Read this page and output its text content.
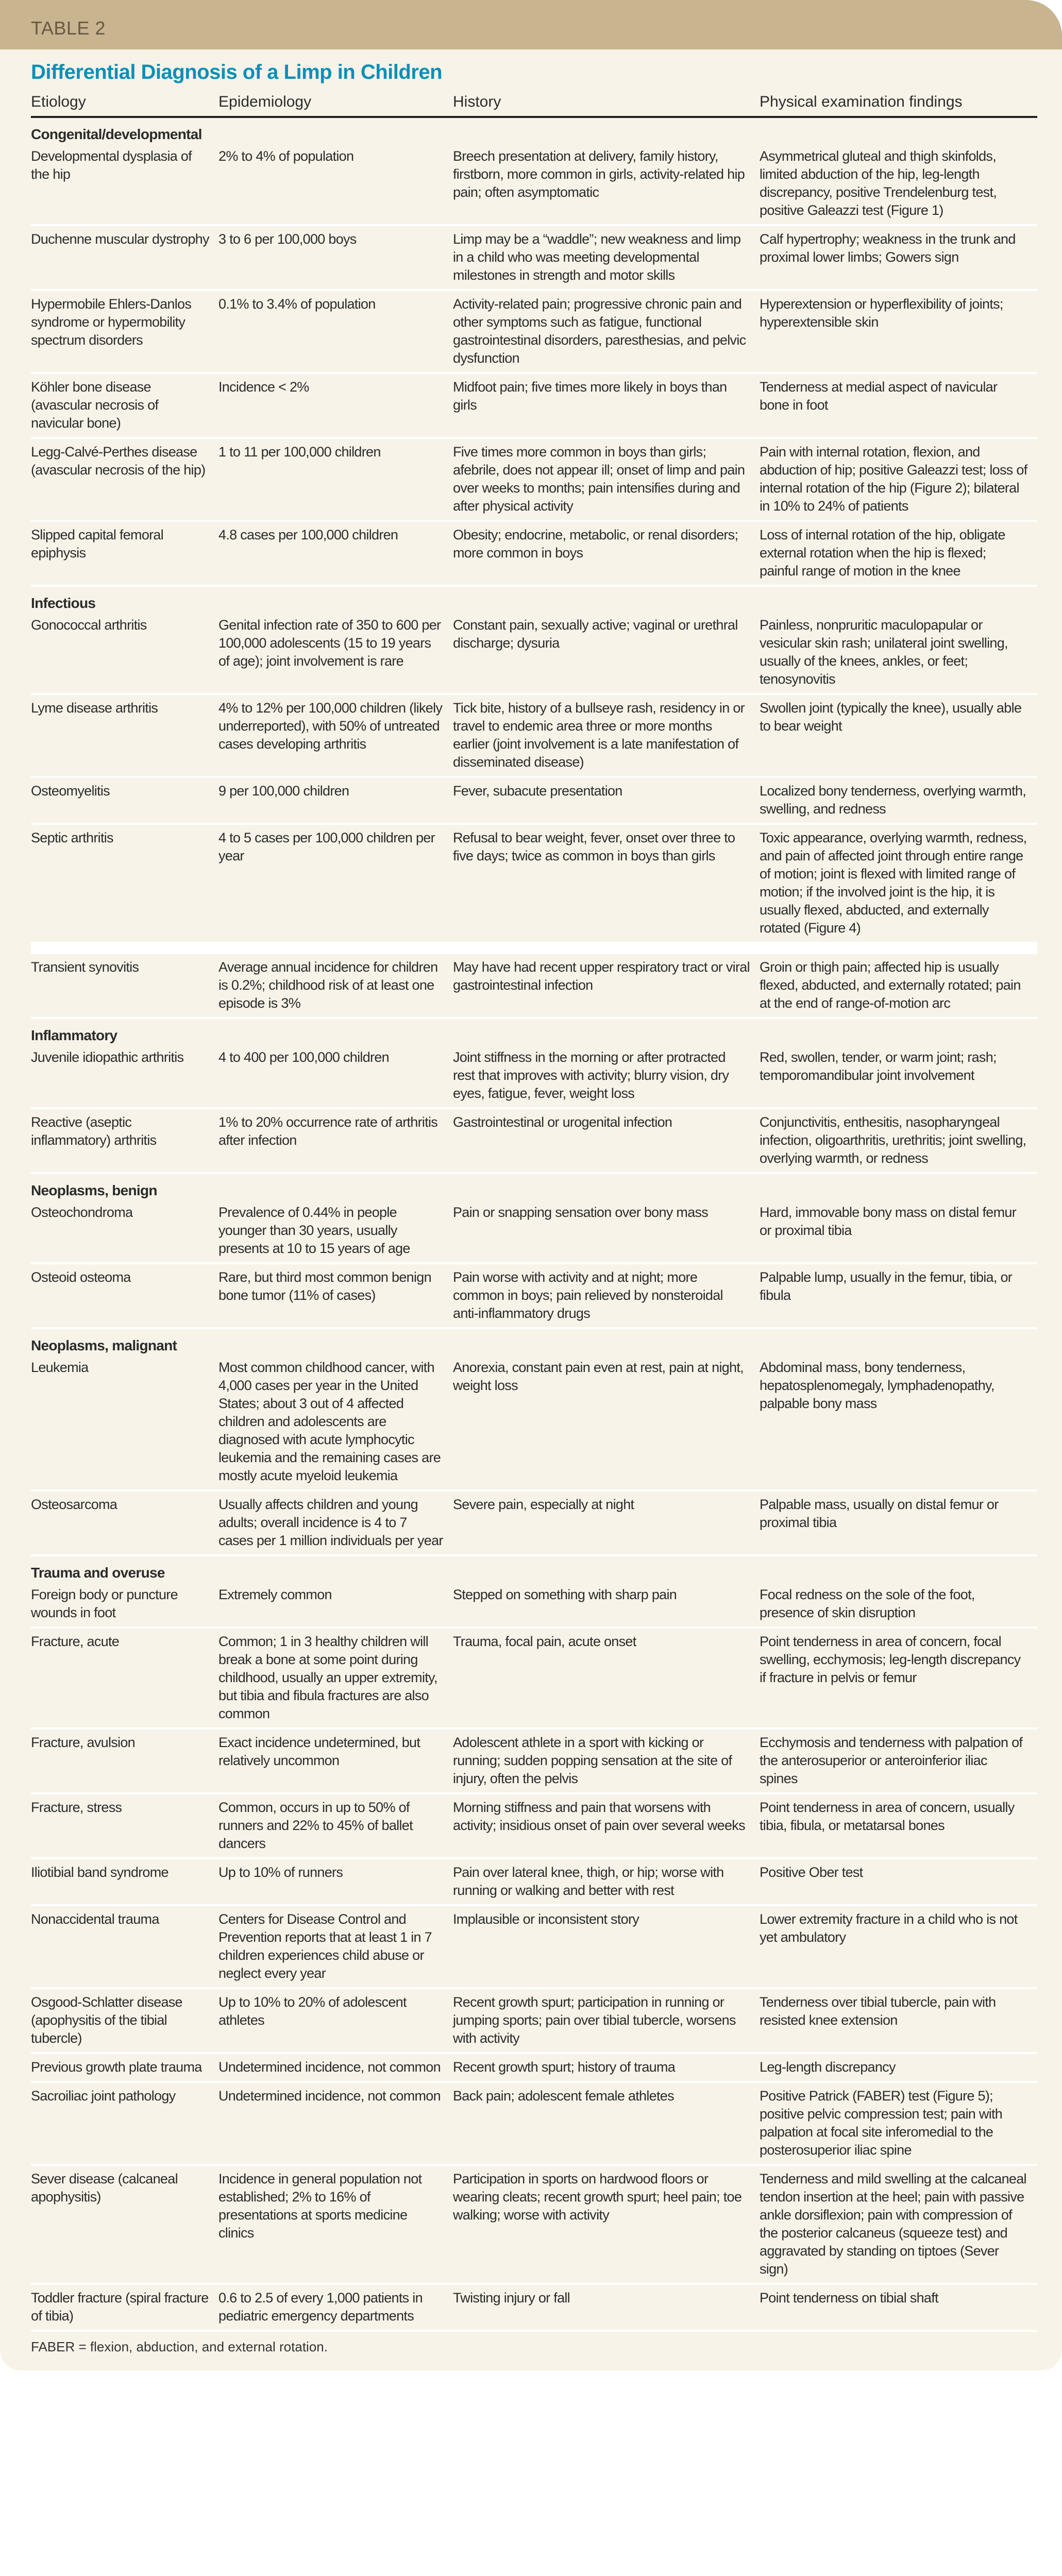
TABLE 2
Differential Diagnosis of a Limp in Children
Etiology	Epidemiology	History	Physical examination findings
Congenital/developmental			
Developmental dysplasia of the hip	2% to 4% of population	Breech presentation at delivery, family history, firstborn, more common in girls, activity-related hip pain; often asymptomatic	Asymmetrical gluteal and thigh skinfolds, limited abduction of the hip, leg-length discrepancy, positive Trendelenburg test, positive Galeazzi test (Figure 1)
Duchenne muscular dystrophy	3 to 6 per 100,000 boys	Limp may be a “waddle”; new weakness and limp in a child who was meeting developmental milestones in strength and motor skills	Calf hypertrophy; weakness in the trunk and proximal lower limbs; Gowers sign
Hypermobile Ehlers-Danlos syndrome or hypermobility spectrum disorders	0.1% to 3.4% of population	Activity-related pain; progressive chronic pain and other symptoms such as fatigue, functional gastrointestinal disorders, paresthesias, and pelvic dysfunction	Hyperextension or hyperflexibility of joints; hyperextensible skin
Köhler bone disease (avascular necrosis of navicular bone)	Incidence < 2%	Midfoot pain; five times more likely in boys than girls	Tenderness at medial aspect of navicular bone in foot
Legg-Calvé-Perthes disease (avascular necrosis of the hip)	1 to 11 per 100,000 children	Five times more common in boys than girls; afebrile, does not appear ill; onset of limp and pain over weeks to months; pain intensifies during and after physical activity	Pain with internal rotation, flexion, and abduction of hip; positive Galeazzi test; loss of internal rotation of the hip (Figure 2); bilateral in 10% to 24% of patients
Slipped capital femoral epiphysis	4.8 cases per 100,000 children	Obesity; endocrine, metabolic, or renal disorders; more common in boys	Loss of internal rotation of the hip, obligate external rotation when the hip is flexed; painful range of motion in the knee
Infectious			
Gonococcal arthritis	Genital infection rate of 350 to 600 per 100,000 adolescents (15 to 19 years of age); joint involvement is rare	Constant pain, sexually active; vaginal or urethral discharge; dysuria	Painless, nonpruritic maculopapular or vesicular skin rash; unilateral joint swelling, usually of the knees, ankles, or feet; tenosynovitis
Lyme disease arthritis	4% to 12% per 100,000 children (likely underreported), with 50% of untreated cases developing arthritis	Tick bite, history of a bullseye rash, residency in or travel to endemic area three or more months earlier (joint involvement is a late manifestation of disseminated disease)	Swollen joint (typically the knee), usually able to bear weight
Osteomyelitis	9 per 100,000 children	Fever, subacute presentation	Localized bony tenderness, overlying warmth, swelling, and redness
Septic arthritis	4 to 5 cases per 100,000 children per year	Refusal to bear weight, fever, onset over three to five days; twice as common in boys than girls	Toxic appearance, overlying warmth, redness, and pain of affected joint through entire range of motion; joint is flexed with limited range of motion; if the involved joint is the hip, it is usually flexed, abducted, and externally rotated (Figure 4)

Transient synovitis	Average annual incidence for children is 0.2%; childhood risk of at least one episode is 3%	May have had recent upper respiratory tract or viral gastrointestinal infection	Groin or thigh pain; affected hip is usually flexed, abducted, and externally rotated; pain at the end of range-of-motion arc
Inflammatory			
Juvenile idiopathic arthritis	4 to 400 per 100,000 children	Joint stiffness in the morning or after protracted rest that improves with activity; blurry vision, dry eyes, fatigue, fever, weight loss	Red, swollen, tender, or warm joint; rash; temporomandibular joint involvement
Reactive (aseptic inflammatory) arthritis	1% to 20% occurrence rate of arthritis after infection	Gastrointestinal or urogenital infection	Conjunctivitis, enthesitis, nasopharyngeal infection, oligoarthritis, urethritis; joint swelling, overlying warmth, or redness
Neoplasms, benign			
Osteochondroma	Prevalence of 0.44% in people younger than 30 years, usually presents at 10 to 15 years of age	Pain or snapping sensation over bony mass	Hard, immovable bony mass on distal femur or proximal tibia
Osteoid osteoma	Rare, but third most common benign bone tumor (11% of cases)	Pain worse with activity and at night; more common in boys; pain relieved by nonsteroidal anti-inflammatory drugs	Palpable lump, usually in the femur, tibia, or fibula
Neoplasms, malignant			
Leukemia	Most common childhood cancer, with 4,000 cases per year in the United States; about 3 out of 4 affected children and adolescents are diagnosed with acute lymphocytic leukemia and the remaining cases are mostly acute myeloid leukemia	Anorexia, constant pain even at rest, pain at night, weight loss	Abdominal mass, bony tenderness, hepatosplenomegaly, lymphadenopathy, palpable bony mass
Osteosarcoma	Usually affects children and young adults; overall incidence is 4 to 7 cases per 1 million individuals per year	Severe pain, especially at night	Palpable mass, usually on distal femur or proximal tibia
Trauma and overuse			
Foreign body or puncture wounds in foot	Extremely common	Stepped on something with sharp pain	Focal redness on the sole of the foot, presence of skin disruption
Fracture, acute	Common; 1 in 3 healthy children will break a bone at some point during childhood, usually an upper extremity, but tibia and fibula fractures are also common	Trauma, focal pain, acute onset	Point tenderness in area of concern, focal swelling, ecchymosis; leg-length discrepancy if fracture in pelvis or femur
Fracture, avulsion	Exact incidence undetermined, but relatively uncommon	Adolescent athlete in a sport with kicking or running; sudden popping sensation at the site of injury, often the pelvis	Ecchymosis and tenderness with palpation of the anterosuperior or anteroinferior iliac spines
Fracture, stress	Common, occurs in up to 50% of runners and 22% to 45% of ballet dancers	Morning stiffness and pain that worsens with activity; insidious onset of pain over several weeks	Point tenderness in area of concern, usually tibia, fibula, or metatarsal bones
Iliotibial band syndrome	Up to 10% of runners	Pain over lateral knee, thigh, or hip; worse with running or walking and better with rest	Positive Ober test
Nonaccidental trauma	Centers for Disease Control and Prevention reports that at least 1 in 7 children experiences child abuse or neglect every year	Implausible or inconsistent story	Lower extremity fracture in a child who is not yet ambulatory
Osgood-Schlatter disease (apophysitis of the tibial tubercle)	Up to 10% to 20% of adolescent athletes	Recent growth spurt; participation in running or jumping sports; pain over tibial tubercle, worsens with activity	Tenderness over tibial tubercle, pain with resisted knee extension
Previous growth plate trauma	Undetermined incidence, not common	Recent growth spurt; history of trauma	Leg-length discrepancy
Sacroiliac joint pathology	Undetermined incidence, not common	Back pain; adolescent female athletes	Positive Patrick (FABER) test (Figure 5); positive pelvic compression test; pain with palpation at focal site inferomedial to the posterosuperior iliac spine
Sever disease (calcaneal apophysitis)	Incidence in general population not established; 2% to 16% of presentations at sports medicine clinics	Participation in sports on hardwood floors or wearing cleats; recent growth spurt; heel pain; toe walking; worse with activity	Tenderness and mild swelling at the calcaneal tendon insertion at the heel; pain with passive ankle dorsiflexion; pain with compression of the posterior calcaneus (squeeze test) and aggravated by standing on tiptoes (Sever sign)
Toddler fracture (spiral fracture of tibia)	0.6 to 2.5 of every 1,000 patients in pediatric emergency departments	Twisting injury or fall	Point tenderness on tibial shaft
FABER = flexion, abduction, and external rotation.
